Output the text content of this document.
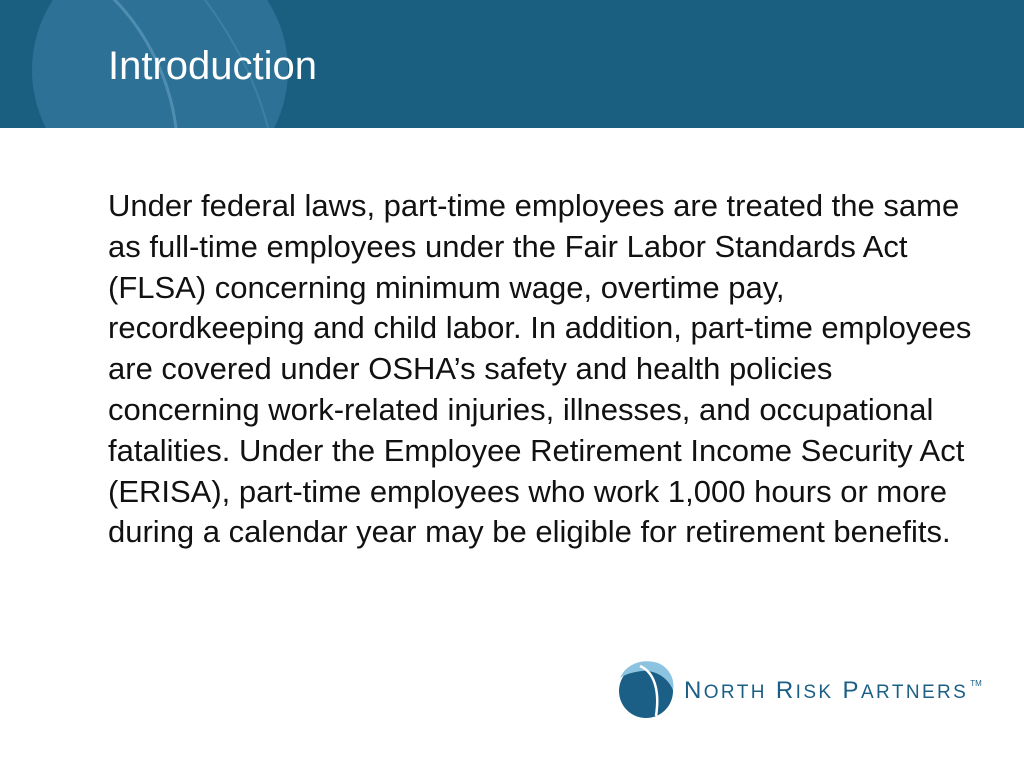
Introduction

Under federal laws, part-time employees are treated the same as full-time employees under the Fair Labor Standards Act (FLSA) concerning minimum wage, overtime pay, recordkeeping and child labor. In addition, part-time employees are covered under OSHA’s safety and health policies concerning work-related injuries, illnesses, and occupational fatalities. Under the Employee Retirement Income Security Act (ERISA), part-time employees who work 1,000 hours or more during a calendar year may be eligible for retirement benefits.

NORTH RISK PARTNERS ™
